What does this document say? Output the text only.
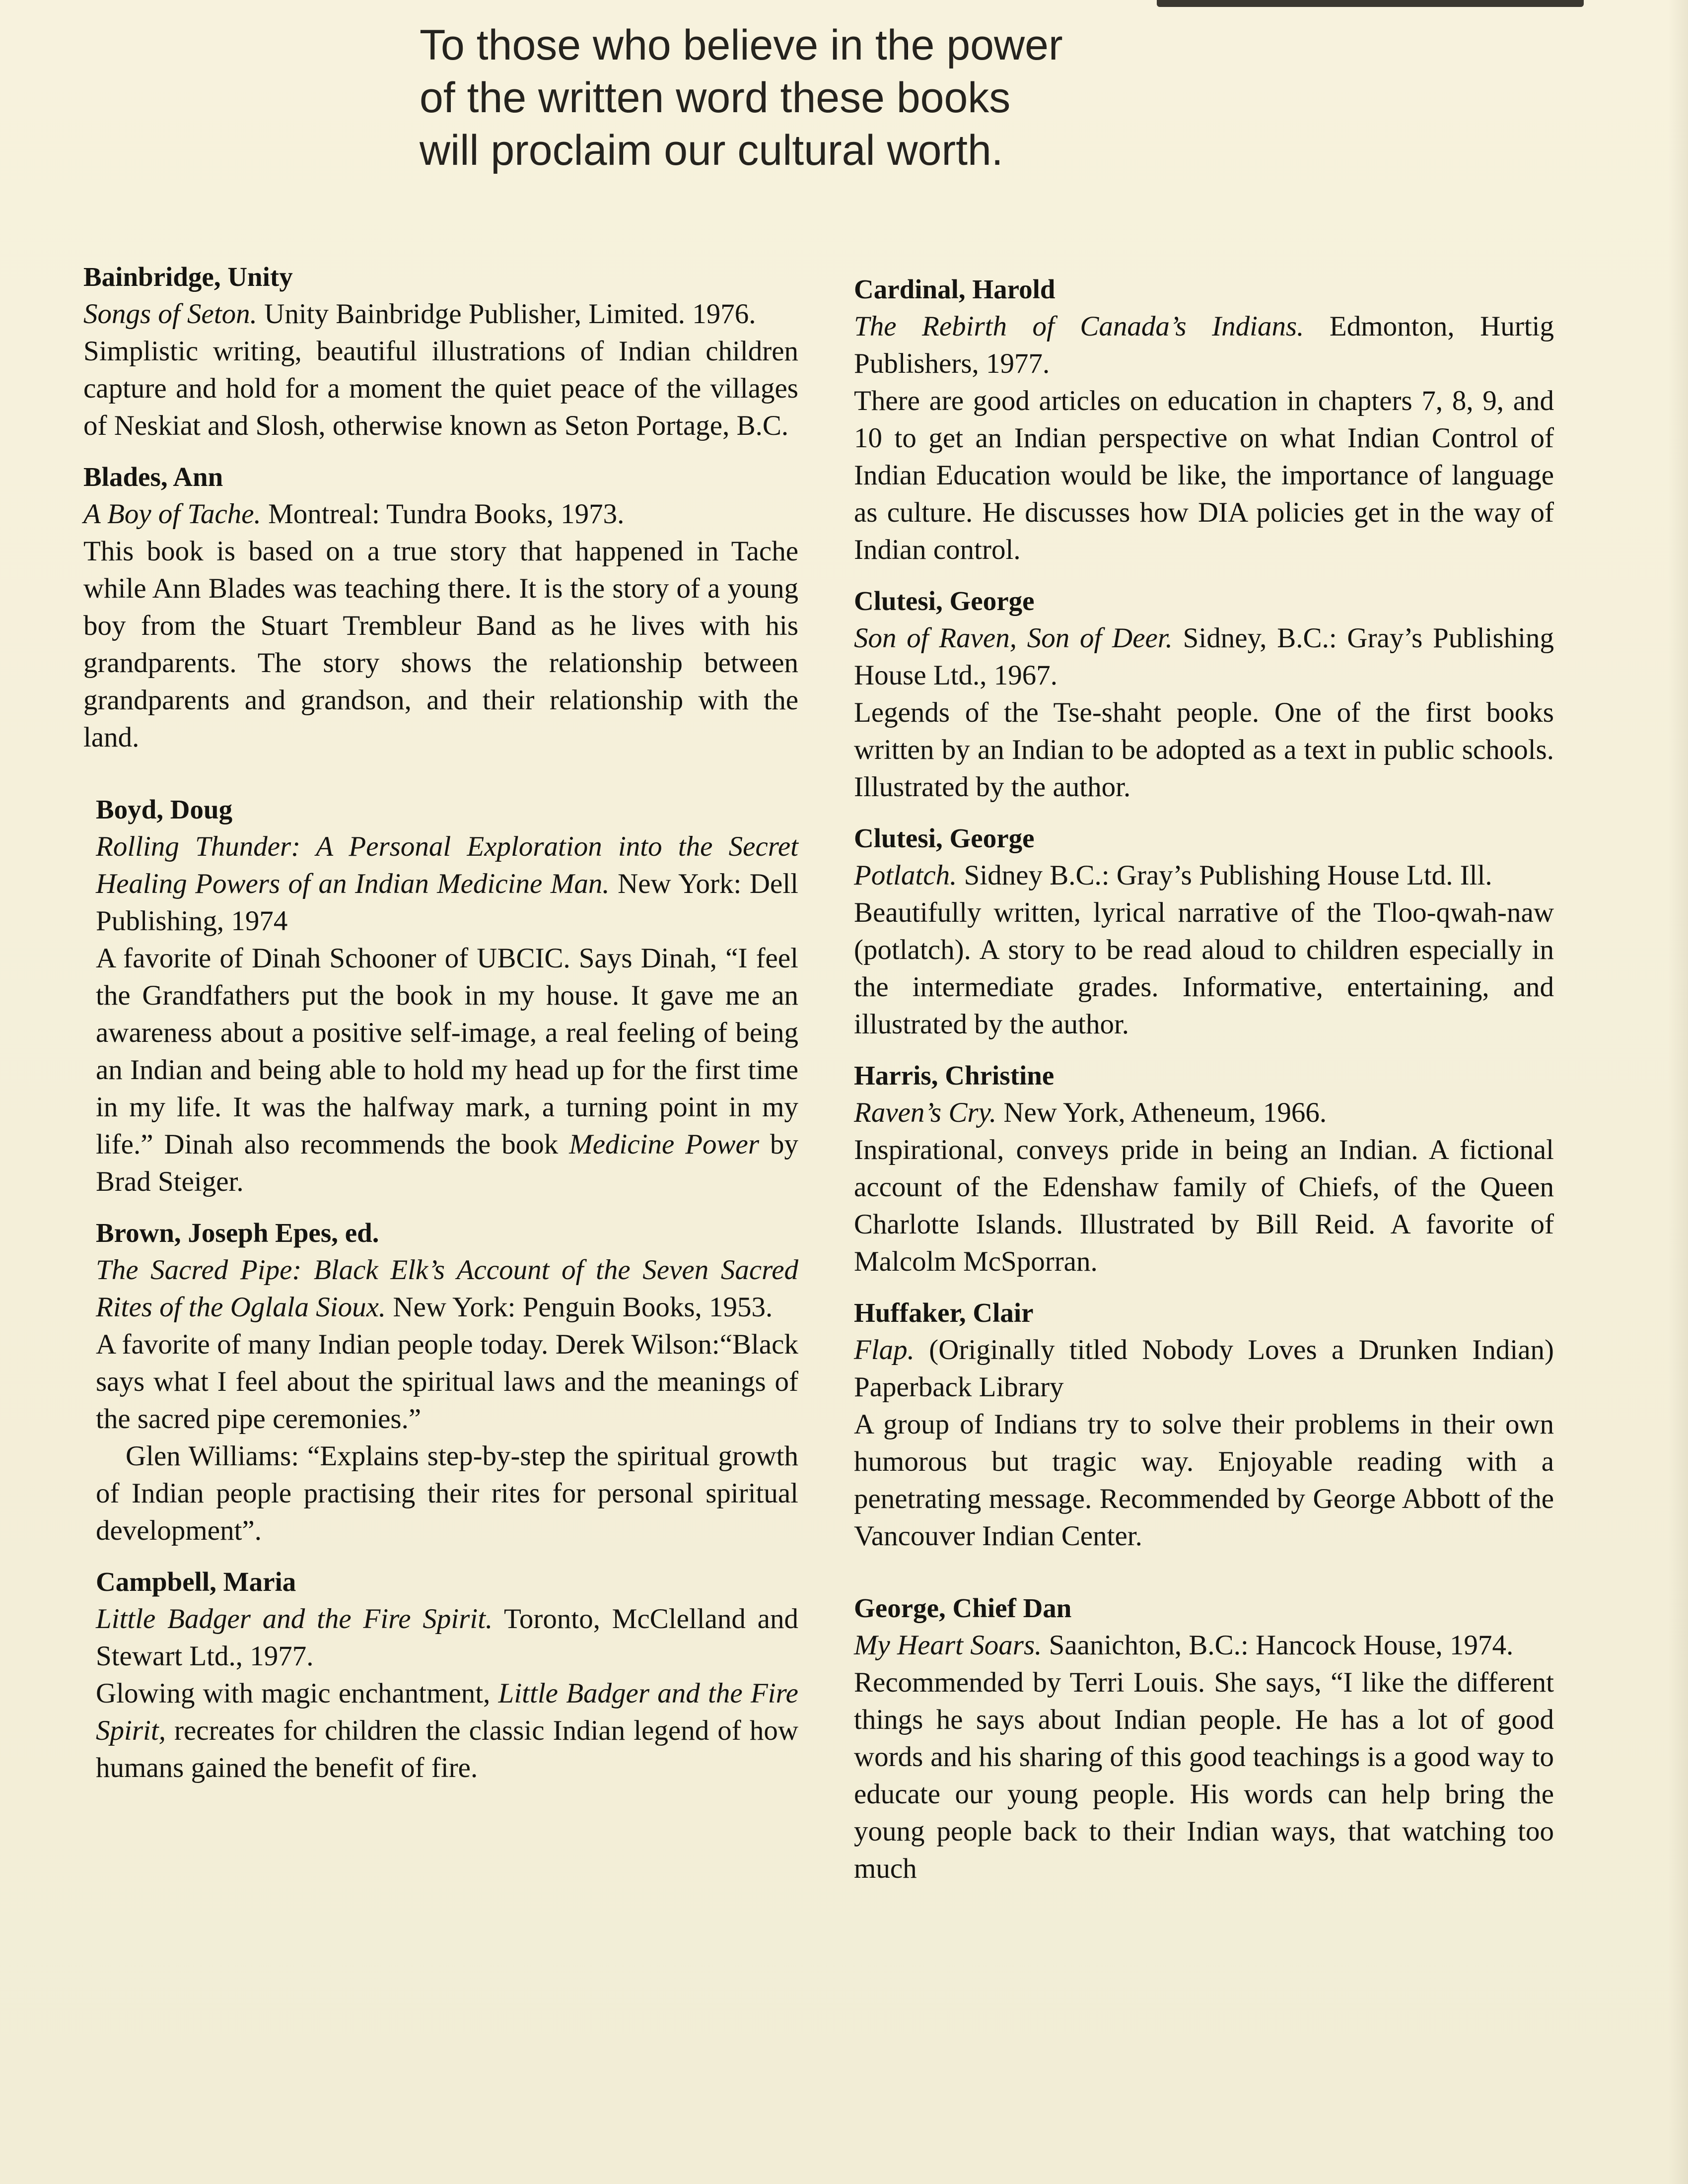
To those who believe in the power
of the written word these books
will proclaim our cultural worth.
Bainbridge, Unity

Songs of Seton. Unity Bainbridge Publisher, Limited. 1976.

Simplistic writing, beautiful illustrations of Indian children capture and hold for a moment the quiet peace of the villages of Neskiat and Slosh, otherwise known as Seton Portage, B.C.

Blades, Ann

A Boy of Tache. Montreal: Tundra Books, 1973.

This book is based on a true story that happened in Tache while Ann Blades was teaching there. It is the story of a young boy from the Stuart Trembleur Band as he lives with his grandparents. The story shows the relationship between grandparents and grandson, and their relationship with the land.

Boyd, Doug

Rolling Thunder: A Personal Exploration into the Secret Healing Powers of an Indian Medicine Man. New York: Dell Publishing, 1974

A favorite of Dinah Schooner of UBCIC. Says Dinah, “I feel the Grandfathers put the book in my house. It gave me an awareness about a positive self-image, a real feeling of being an Indian and being able to hold my head up for the first time in my life. It was the halfway mark, a turning point in my life.” Dinah also recommends the book Medicine Power by Brad Steiger.

Brown, Joseph Epes, ed.

The Sacred Pipe: Black Elk’s Account of the Seven Sacred Rites of the Oglala Sioux. New York: Penguin Books, 1953.

A favorite of many Indian people today. Derek Wilson:“Black says what I feel about the spiritual laws and the meanings of the sacred pipe ceremonies.”

Glen Williams: “Explains step-by-step the spiritual growth of Indian people practising their rites for personal spiritual development”.

Campbell, Maria

Little Badger and the Fire Spirit. Toronto, McClelland and Stewart Ltd., 1977.

Glowing with magic enchantment, Little Badger and the Fire Spirit, recreates for children the classic Indian legend of how humans gained the benefit of fire.

Cardinal, Harold

The Rebirth of Canada’s Indians. Edmonton, Hurtig Publishers, 1977.

There are good articles on education in chapters 7, 8, 9, and 10 to get an Indian perspective on what Indian Control of Indian Education would be like, the importance of language as culture. He discusses how DIA policies get in the way of Indian control.

Clutesi, George

Son of Raven, Son of Deer. Sidney, B.C.: Gray’s Publishing House Ltd., 1967.

Legends of the Tse-shaht people. One of the first books written by an Indian to be adopted as a text in public schools. Illustrated by the author.

Clutesi, George

Potlatch. Sidney B.C.: Gray’s Publishing House Ltd. Ill.

Beautifully written, lyrical narrative of the Tloo-qwah-naw (potlatch). A story to be read aloud to children especially in the intermediate grades. Informative, entertaining, and illustrated by the author.

Harris, Christine

Raven’s Cry. New York, Atheneum, 1966.

Inspirational, conveys pride in being an Indian. A fictional account of the Edenshaw family of Chiefs, of the Queen Charlotte Islands. Illustrated by Bill Reid. A favorite of Malcolm McSporran.

Huffaker, Clair

Flap. (Originally titled Nobody Loves a Drunken Indian) Paperback Library

A group of Indians try to solve their problems in their own humorous but tragic way. Enjoyable reading with a penetrating message. Recommended by George Abbott of the Vancouver Indian Center.

George, Chief Dan

My Heart Soars. Saanichton, B.C.: Hancock House, 1974.

Recommended by Terri Louis. She says, “I like the different things he says about Indian people. He has a lot of good words and his sharing of this good teachings is a good way to educate our young people. His words can help bring the young people back to their Indian ways, that watching too much
